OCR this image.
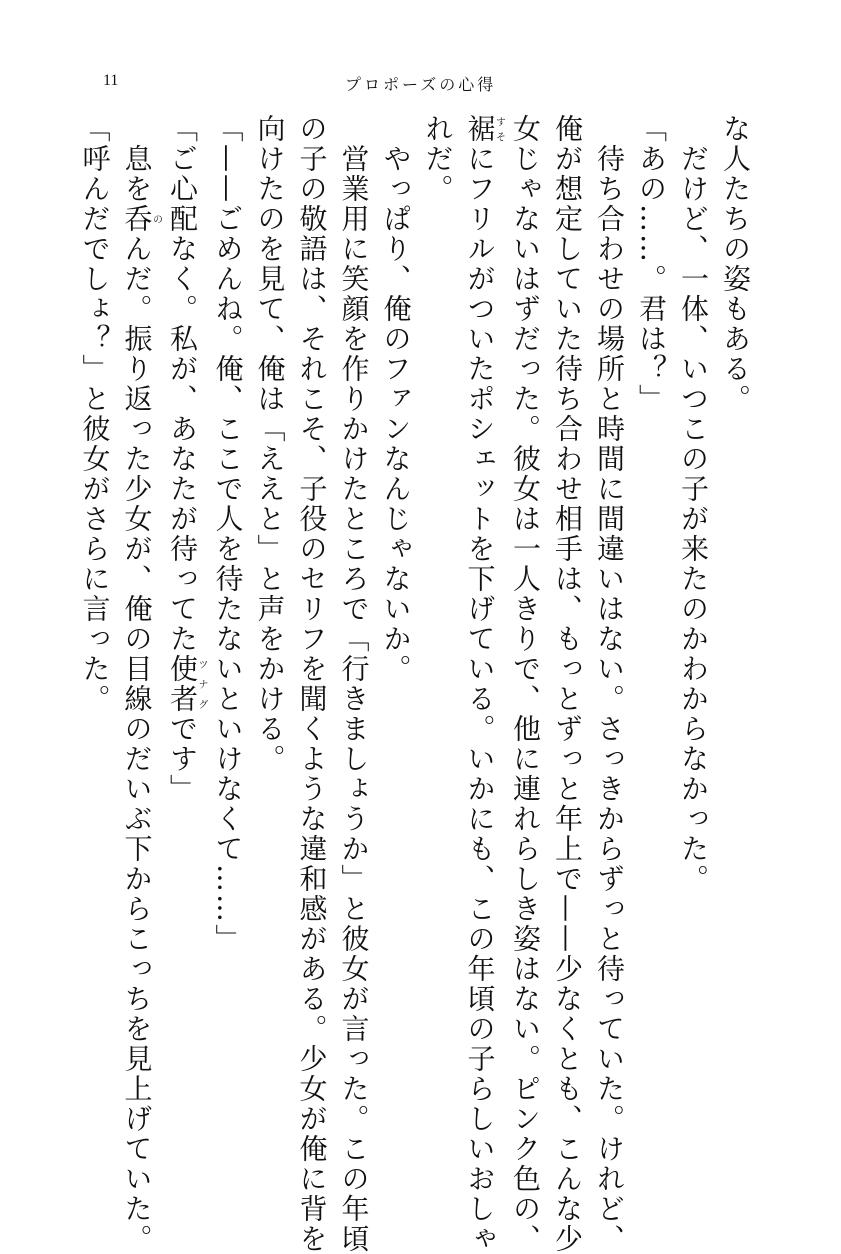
11	プロポーズの心得

な人たちの姿もある。

だけど、一体、いつこの子が来たのかわからなかった。

「あの……。君は？」

待ち合わせの場所と時間に間違いはない。さっきからずっと待っていた。けれど、

俺が想定していた待ち合わせ相手は、もっとずっと年上で——少なくとも、こんな少

女じゃないはずだった。彼女は一人きりで、他に連れらしき姿はない。ピンク色の、

裾すそにフリルがついたポシェットを下げている。いかにも、この年頃の子らしいおしゃ

れだ。

やっぱり、俺のファンなんじゃないか。

営業用に笑顔を作りかけたところで「行きましょうか」と彼女が言った。この年頃

の子の敬語は、それこそ、子役のセリフを聞くような違和感がある。少女が俺に背を

向けたのを見て、俺は「ええと」と声をかける。

「——ごめんね。俺、ここで人を待たないといけなくて……」

「ご心配なく。私が、あなたが待ってた使者ツナグです」

息を呑のんだ。振り返った少女が、俺の目線のだいぶ下からこっちを見上げていた。

「呼んだでしょ？」と彼女がさらに言った。
